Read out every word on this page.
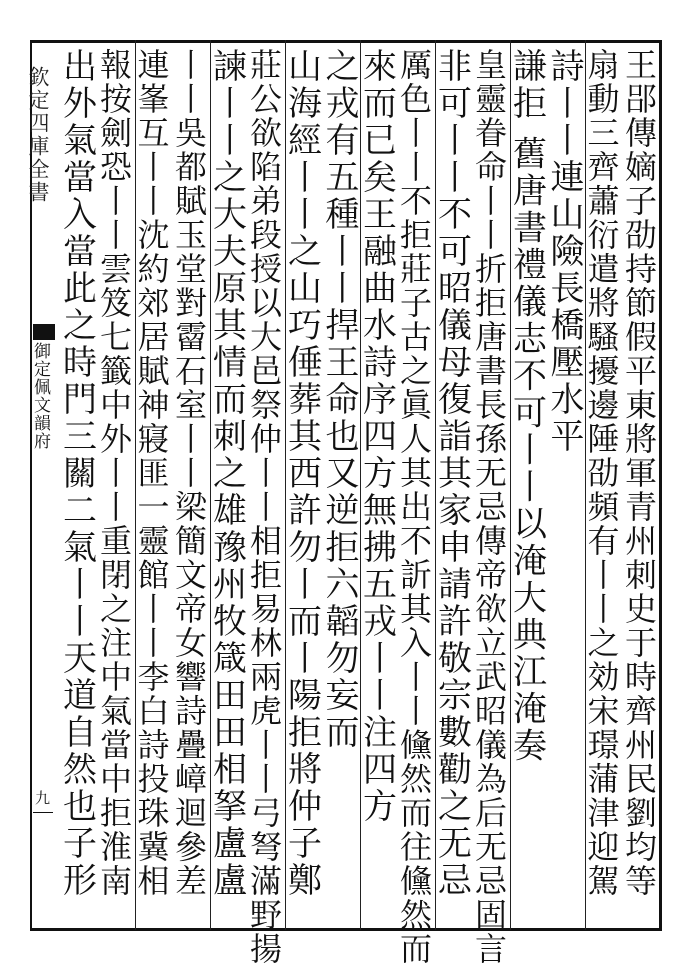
欽定四庫全書
御定佩文韻府
九	王郘傳嫡子劭持節假平東將軍青州刺史于時齊州民劉均等
扇動三齊蕭衍遣將騷擾邊陲劭頻有丨丨之効宋璟蒲津迎駕
詩丨丨連山險長橋壓水平
謙拒 舊唐書禮儀志不可丨丨以淹大典江淹奏
皇靈眷命丨丨折拒唐書長孫无忌傳帝欲立武昭儀為后无忌固言
非可丨丨不可昭儀母復詣其家申請許敬宗數勸之无忌
厲色丨丨不拒莊子古之眞人其出不訢其入丨丨儵然而往儵然而
來而已矣王融曲水詩序四方無拂五戎丨丨注四方
之戎有五種丨丨捍王命也又逆拒六韜勿妄而
山海經丨丨之山巧倕葬其西許勿丨而丨陽拒將仲子鄭
莊公欲陷弟段授以大邑祭仲丨丨相拒易林兩虎丨丨弓弩滿野揚
諫丨丨之大夫原其情而刺之雄豫州牧箴田田相拏盧盧
丨丨吳都賦玉堂對霤石室丨丨梁簡文帝女響詩疊嶂迴參差
連峯互丨丨沈約郊居賦神寢匪一靈館丨丨李白詩投珠冀相
報按劍恐丨丨雲笈七籤中外丨丨重閉之注中氣當中拒淮南
出外氣當入當此之時門三關二氣丨丨天道自然也子形
